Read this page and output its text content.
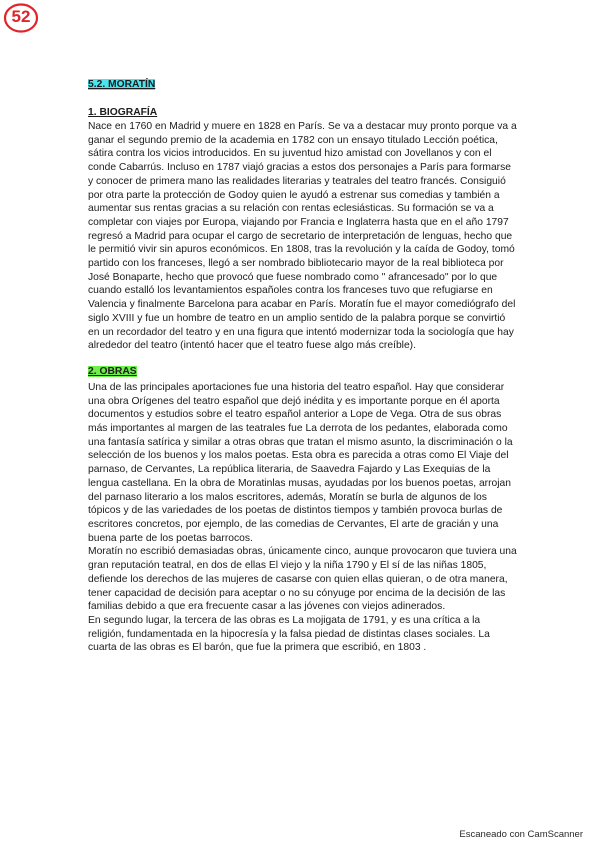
52

5.2. MORATÍN

1. BIOGRAFÍA

Nace en 1760 en Madrid y muere en 1828 en París. Se va a destacar muy pronto porque va a ganar el segundo premio de la academia en 1782 con un ensayo titulado Lección poética, sátira contra los vicios introducidos. En su juventud hizo amistad con Jovellanos y con el conde Cabarrús. Incluso en 1787 viajó gracias a estos dos personajes a París para formarse y conocer de primera mano las realidades literarias y teatrales del teatro francés. Consiguió por otra parte la protección de Godoy quien le ayudó a estrenar sus comedias y también a aumentar sus rentas gracias a su relación con rentas eclesiásticas. Su formación se va a completar con viajes por Europa, viajando por Francia e Inglaterra hasta que en el año 1797 regresó a Madrid para ocupar el cargo de secretario de interpretación de lenguas, hecho que le permitió vivir sin apuros económicos. En 1808, tras la revolución y la caída de Godoy, tomó partido con los franceses, llegó a ser nombrado bibliotecario mayor de la real biblioteca por José Bonaparte, hecho que provocó que fuese nombrado como " afrancesado" por lo que cuando estalló los levantamientos españoles contra los franceses tuvo que refugiarse en Valencia y finalmente Barcelona para acabar en París. Moratín fue el mayor comediógrafo del siglo XVIII y fue un hombre de teatro en un amplio sentido de la palabra porque se convirtió en un recordador del teatro y en una figura que intentó modernizar toda la sociología que hay alrededor del teatro (intentó hacer que el teatro fuese algo más creíble).

2. OBRAS

Una de las principales aportaciones fue una historia del teatro español. Hay que considerar una obra Orígenes del teatro español que dejó inédita y es importante porque en él aporta documentos y estudios sobre el teatro español anterior a Lope de Vega. Otra de sus obras más importantes al margen de las teatrales fue La derrota de los pedantes, elaborada como una fantasía satírica y similar a otras obras que tratan el mismo asunto, la discriminación o la selección de los buenos y los malos poetas. Esta obra es parecida a otras como El Viaje del parnaso, de Cervantes, La república literaria, de Saavedra Fajardo y Las Exequias de la lengua castellana. En la obra de Moratinlas musas, ayudadas por los buenos poetas, arrojan del parnaso literario a los malos escritores, además, Moratín se burla de algunos de los tópicos y de las variedades de los poetas de distintos tiempos y también provoca burlas de escritores concretos, por ejemplo, de las comedias de Cervantes, El arte de gracián y una buena parte de los poetas barrocos.

Moratín no escribió demasiadas obras, únicamente cinco, aunque provocaron que tuviera una gran reputación teatral, en dos de ellas El viejo y la niña 1790 y El sí de las niñas 1805, defiende los derechos de las mujeres de casarse con quien ellas quieran, o de otra manera, tener capacidad de decisión para aceptar o no su cónyuge por encima de la decisión de las familias debido a que era frecuente casar a las jóvenes con viejos adinerados.

En segundo lugar, la tercera de las obras es La mojigata de 1791, y es una crítica a la religión, fundamentada en la hipocresía y la falsa piedad de distintas clases sociales. La cuarta de las obras es El barón, que fue la primera que escribió, en 1803 .

Escaneado con CamScanner
